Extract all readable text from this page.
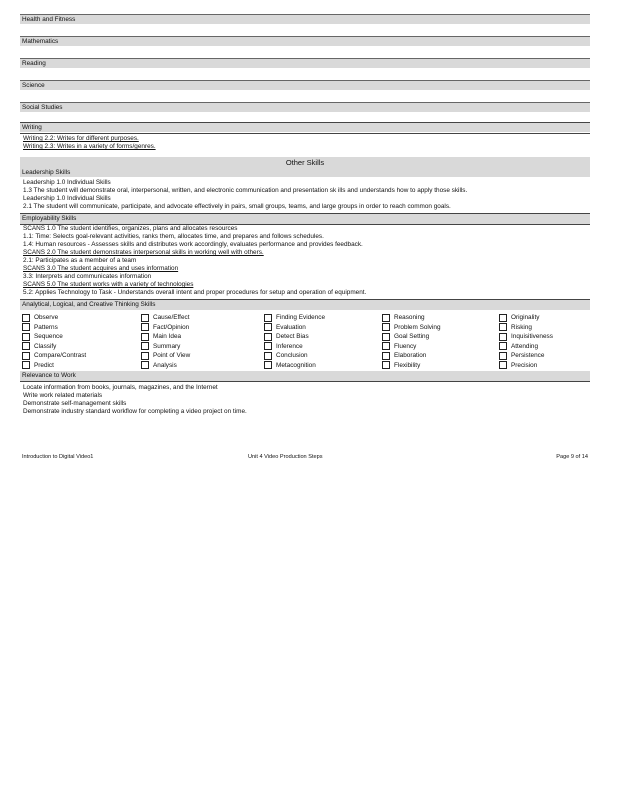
Health and Fitness
Mathematics
Reading
Science
Social Studies
Writing
Writing 2.2: Writes for different purposes.
Writing 2.3: Writes in a variety of forms/genres.
Other Skills
Leadership Skills
Leadership 1.0 Individual Skills
1.3 The student will demonstrate oral, interpersonal, written, and electronic communication and presentation sk ills and understands how to apply those skills.
Leadership 1.0 Individual Skills
2.1 The student will communicate, participate, and advocate effectively in pairs, small groups, teams, and large groups in order to reach common goals.
Employability Skills
SCANS 1.0 The student identifies, organizes, plans and allocates resources
1.1: Time: Selects goal-relevant activities, ranks them, allocates time, and prepares and follows schedules.
1.4: Human resources - Assesses skills and distributes work accordingly, evaluates performance and provides feedback.
SCANS 2.0 The student demonstrates interpersonal skills in working well with others.
2.1: Participates as a member of a team
SCANS 3.0 The student acquires and uses information
3.3: Interprets and communicates information
SCANS 5.0 The student works with a variety of technologies
5.2: Applies Technology to Task - Understands overall intent and proper procedures for setup and operation of equipment.
Analytical, Logical, and Creative Thinking Skills
Observe
Patterns
Sequence
Classify
Compare/Contrast
Predict
Cause/Effect
Fact/Opinion
Main Idea
Summary
Point of View
Analysis
Finding Evidence
Evaluation
Detect Bias
Inference
Conclusion
Metacognition
Reasoning
Problem Solving
Goal Setting
Fluency
Elaboration
Flexibility
Originality
Risking
Inquisitiveness
Attending
Persistence
Precision
Relevance to Work
Locate information from books, journals, magazines, and the Internet
Write work related materials
Demonstrate self-management skills
Demonstrate industry standard workflow for completing a video project on time.
Introduction to Digital Video1	Unit 4 Video Production Steps	Page 9 of 14
